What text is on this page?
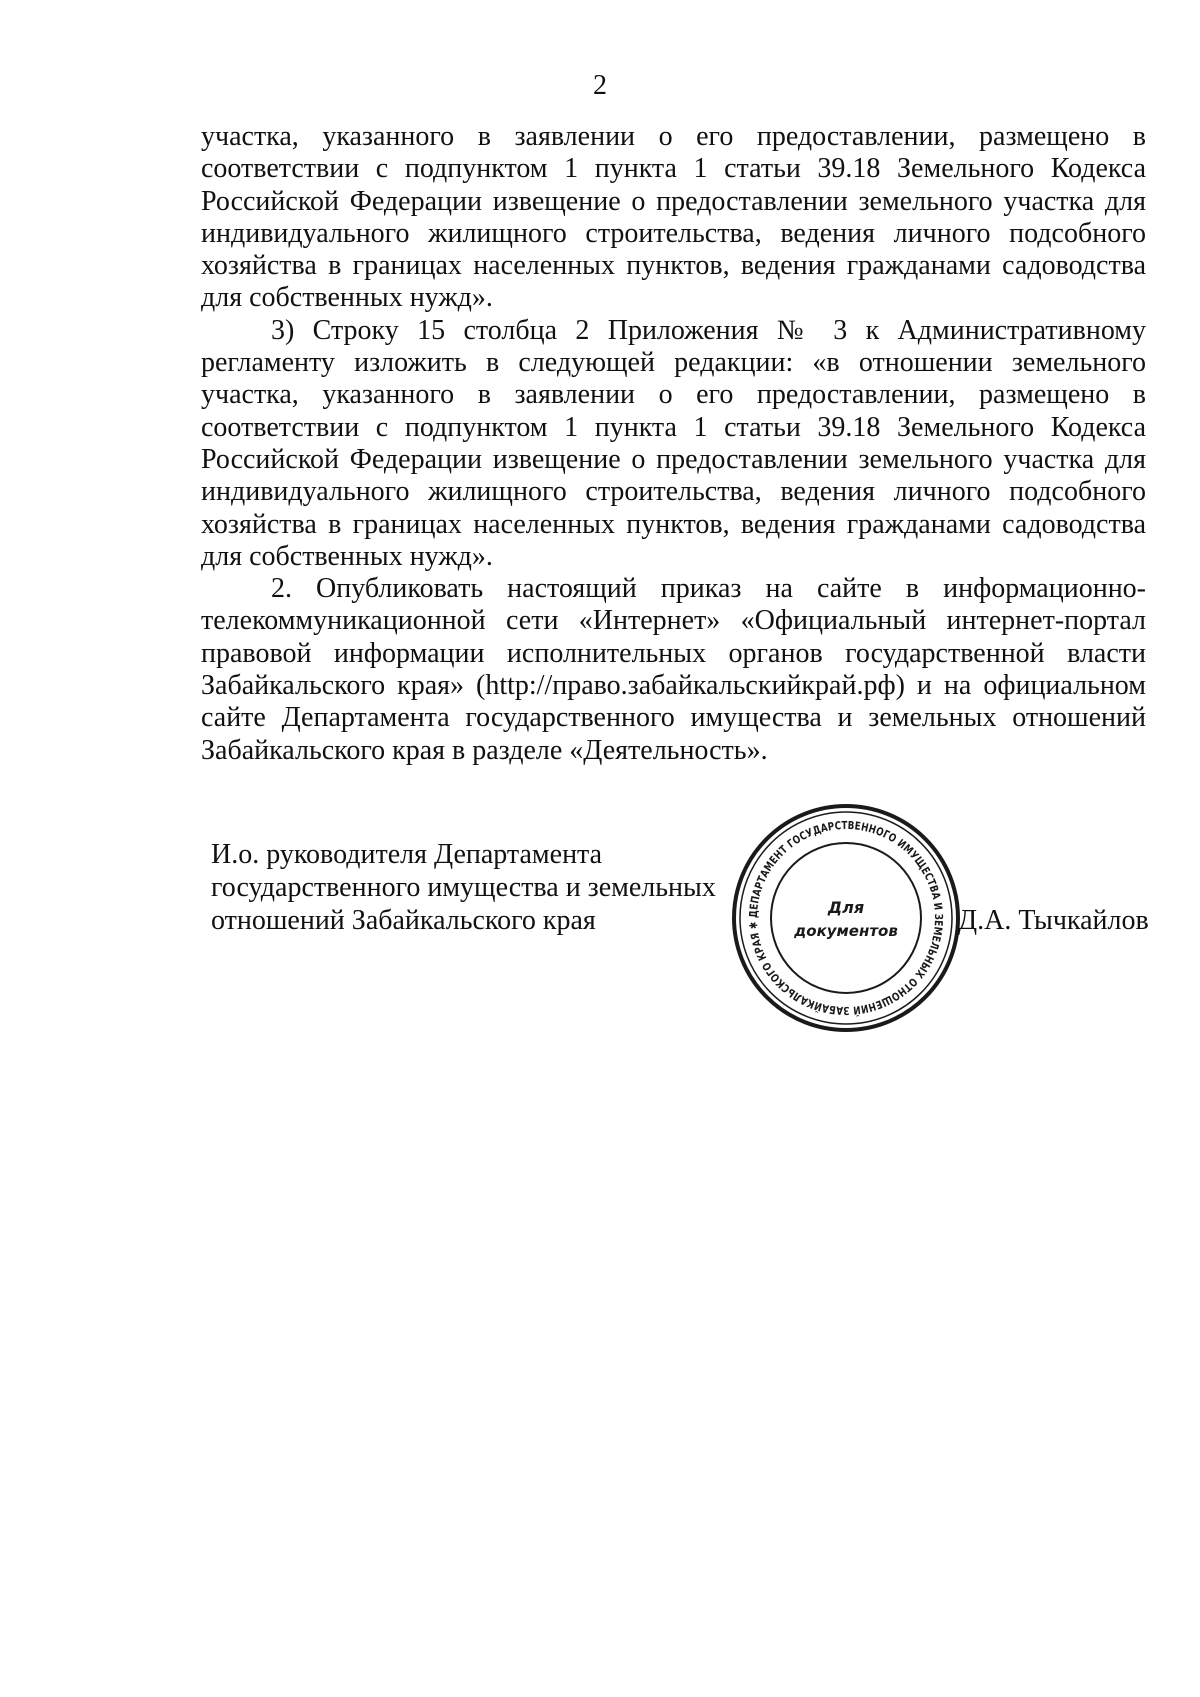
2

участка, указанного в заявлении о его предоставлении, размещено в соответствии с подпунктом 1 пункта 1 статьи 39.18 Земельного Кодекса Российской Федерации извещение о предоставлении земельного участка для индивидуального жилищного строительства, ведения личного подсобного хозяйства в границах населенных пунктов, ведения гражданами садоводства для собственных нужд».

3) Строку 15 столбца 2 Приложения № 3 к Административному регламенту изложить в следующей редакции: «в отношении земельного участка, указанного в заявлении о его предоставлении, размещено в соответствии с подпунктом 1 пункта 1 статьи 39.18 Земельного Кодекса Российской Федерации извещение о предоставлении земельного участка для индивидуального жилищного строительства, ведения личного подсобного хозяйства в границах населенных пунктов, ведения гражданами садоводства для собственных нужд».

2. Опубликовать настоящий приказ на сайте в информационно-телекоммуникационной сети «Интернет» «Официальный интернет-портал правовой информации исполнительных органов государственной власти Забайкальского края» (http://право.забайкальскийкрай.рф) и на официальном сайте Департамента государственного имущества и земельных отношений Забайкальского края в разделе «Деятельность».

И.о. руководителя Департамента
государственного имущества и земельных
отношений Забайкальского края	ДЕПАРТАМЕНТ ГОСУДАРСТВЕННОГО ИМУЩЕСТВА И ЗЕМЕЛЬНЫХ ОТНОШЕНИЙ ЗАБАЙКАЛЬСКОГО КРАЯ ✱
Для
документов Д.А. Тычкайлов
